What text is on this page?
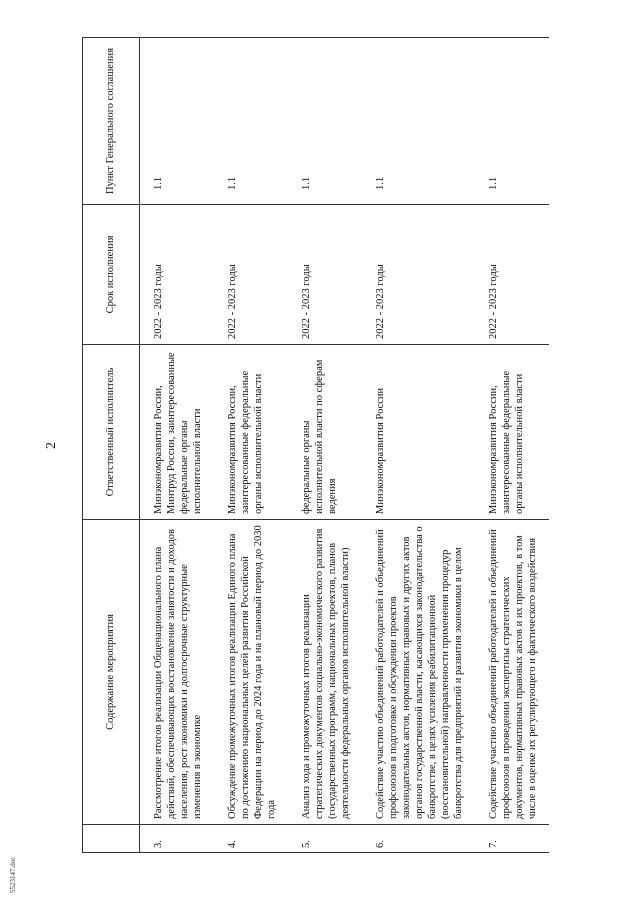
2
	Содержание мероприятия	Ответственный исполнитель	Срок исполнения	Пункт Генерального соглашения
3.	Рассмотрение итогов реализации Общенационального плана действий, обеспечивающих восстановление занятости и доходов населения, рост экономики и долгосрочные структурные изменения в экономике	Минэкономразвития России, Минтруд России, заинтересованные федеральные органы исполнительной власти	2022 - 2023 годы	1.1
4.	Обсуждение промежуточных итогов реализации Единого плана по достижению национальных целей развития Российской Федерации на период до 2024 года и на плановый период до 2030 года	Минэкономразвития России, заинтересованные федеральные органы исполнительной власти	2022 - 2023 годы	1.1
5.	Анализ хода и промежуточных итогов реализации стратегических документов социально-экономического развития (государственных программ, национальных проектов, планов деятельности федеральных органов исполнительной власти)	федеральные органы исполнительной власти по сферам ведения	2022 - 2023 годы	1.1
6.	Содействие участию объединений работодателей и объединений профсоюзов в подготовке и обсуждении проектов законодательных актов, нормативных правовых и других актов органов государственной власти, касающихся законодательства о банкротстве, в целях усиления реабилитационной (восстановительной) направленности применения процедур банкротства для предприятий и развития экономики в целом	Минэкономразвития России	2022 - 2023 годы	1.1
7.	Содействие участию объединений работодателей и объединений профсоюзов в проведении экспертизы стратегических документов, нормативных правовых актов и их проектов, в том числе в оценке их регулирующего и фактического воздействия	Минэкономразвития России, заинтересованные федеральные органы исполнительной власти	2022 - 2023 годы	1.1
5523147.doc
